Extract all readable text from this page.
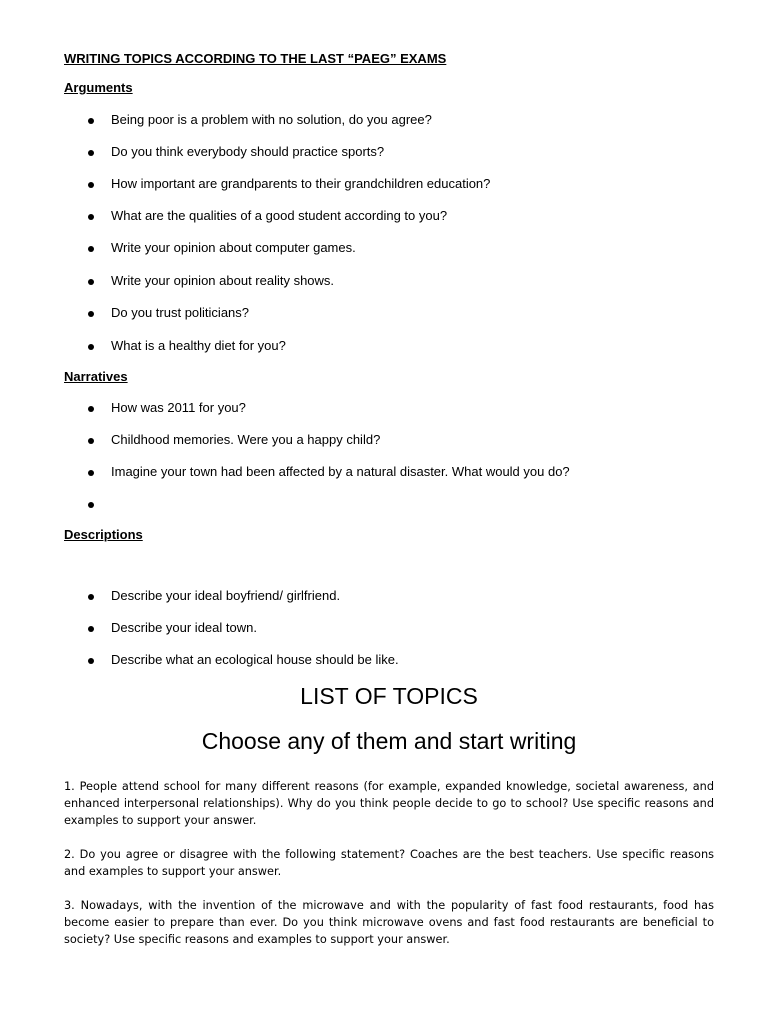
WRITING TOPICS ACCORDING TO THE LAST “PAEG” EXAMS
Arguments
Being poor is a problem with no solution, do you agree?
Do you think everybody should practice sports?
How important are grandparents to their grandchildren education?
What are the qualities of a good student according to you?
Write your opinion about computer games.
Write your opinion about reality shows.
Do you trust politicians?
What is a healthy diet for you?
Narratives
How was 2011 for you?
Childhood memories. Were you a happy child?
Imagine your town had been affected by a natural disaster. What would you do?
Descriptions
Describe your ideal boyfriend/ girlfriend.
Describe your ideal town.
Describe what an ecological house should be like.
LIST OF TOPICS
Choose any of them and start writing

1. People attend school for many different reasons (for example, expanded knowledge, societal awareness, and enhanced interpersonal relationships). Why do you think people decide to go to school? Use specific reasons and examples to support your answer.

2. Do you agree or disagree with the following statement? Coaches are the best teachers. Use specific reasons and examples to support your answer.

3. Nowadays, with the invention of the microwave and with the popularity of fast food restaurants, food has become easier to prepare than ever. Do you think microwave ovens and fast food restaurants are beneficial to society? Use specific reasons and examples to support your answer.
